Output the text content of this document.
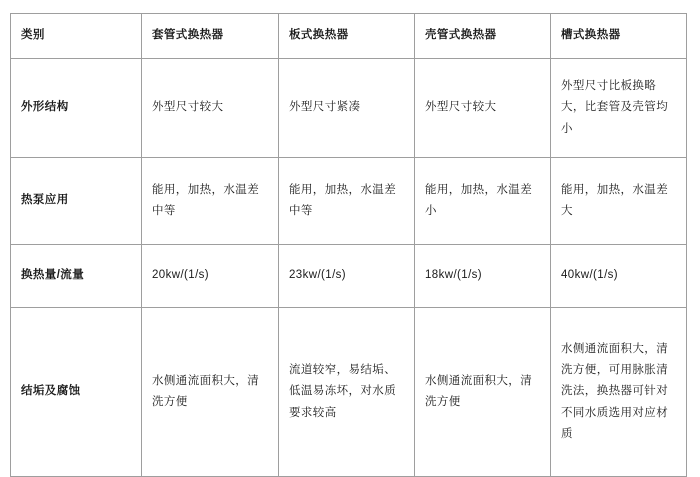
类别	套管式换热器	板式换热器	壳管式换热器	槽式换热器
外形结构	外型尺寸较大	外型尺寸紧凑	外型尺寸较大	外型尺寸比板换略大，比套管及壳管均小
热泵应用	能用，加热，水温差中等	能用，加热，水温差中等	能用，加热，水温差小	能用，加热，水温差大
换热量/流量	20kw/(1/s)	23kw/(1/s)	18kw/(1/s)	40kw/(1/s)
结垢及腐蚀	水侧通流面积大，清洗方便	流道较窄，易结垢、低温易冻坏，对水质要求较高	水侧通流面积大，清洗方便	水侧通流面积大，清洗方便，可用脉胀清洗法，换热器可针对不同水质选用对应材质
